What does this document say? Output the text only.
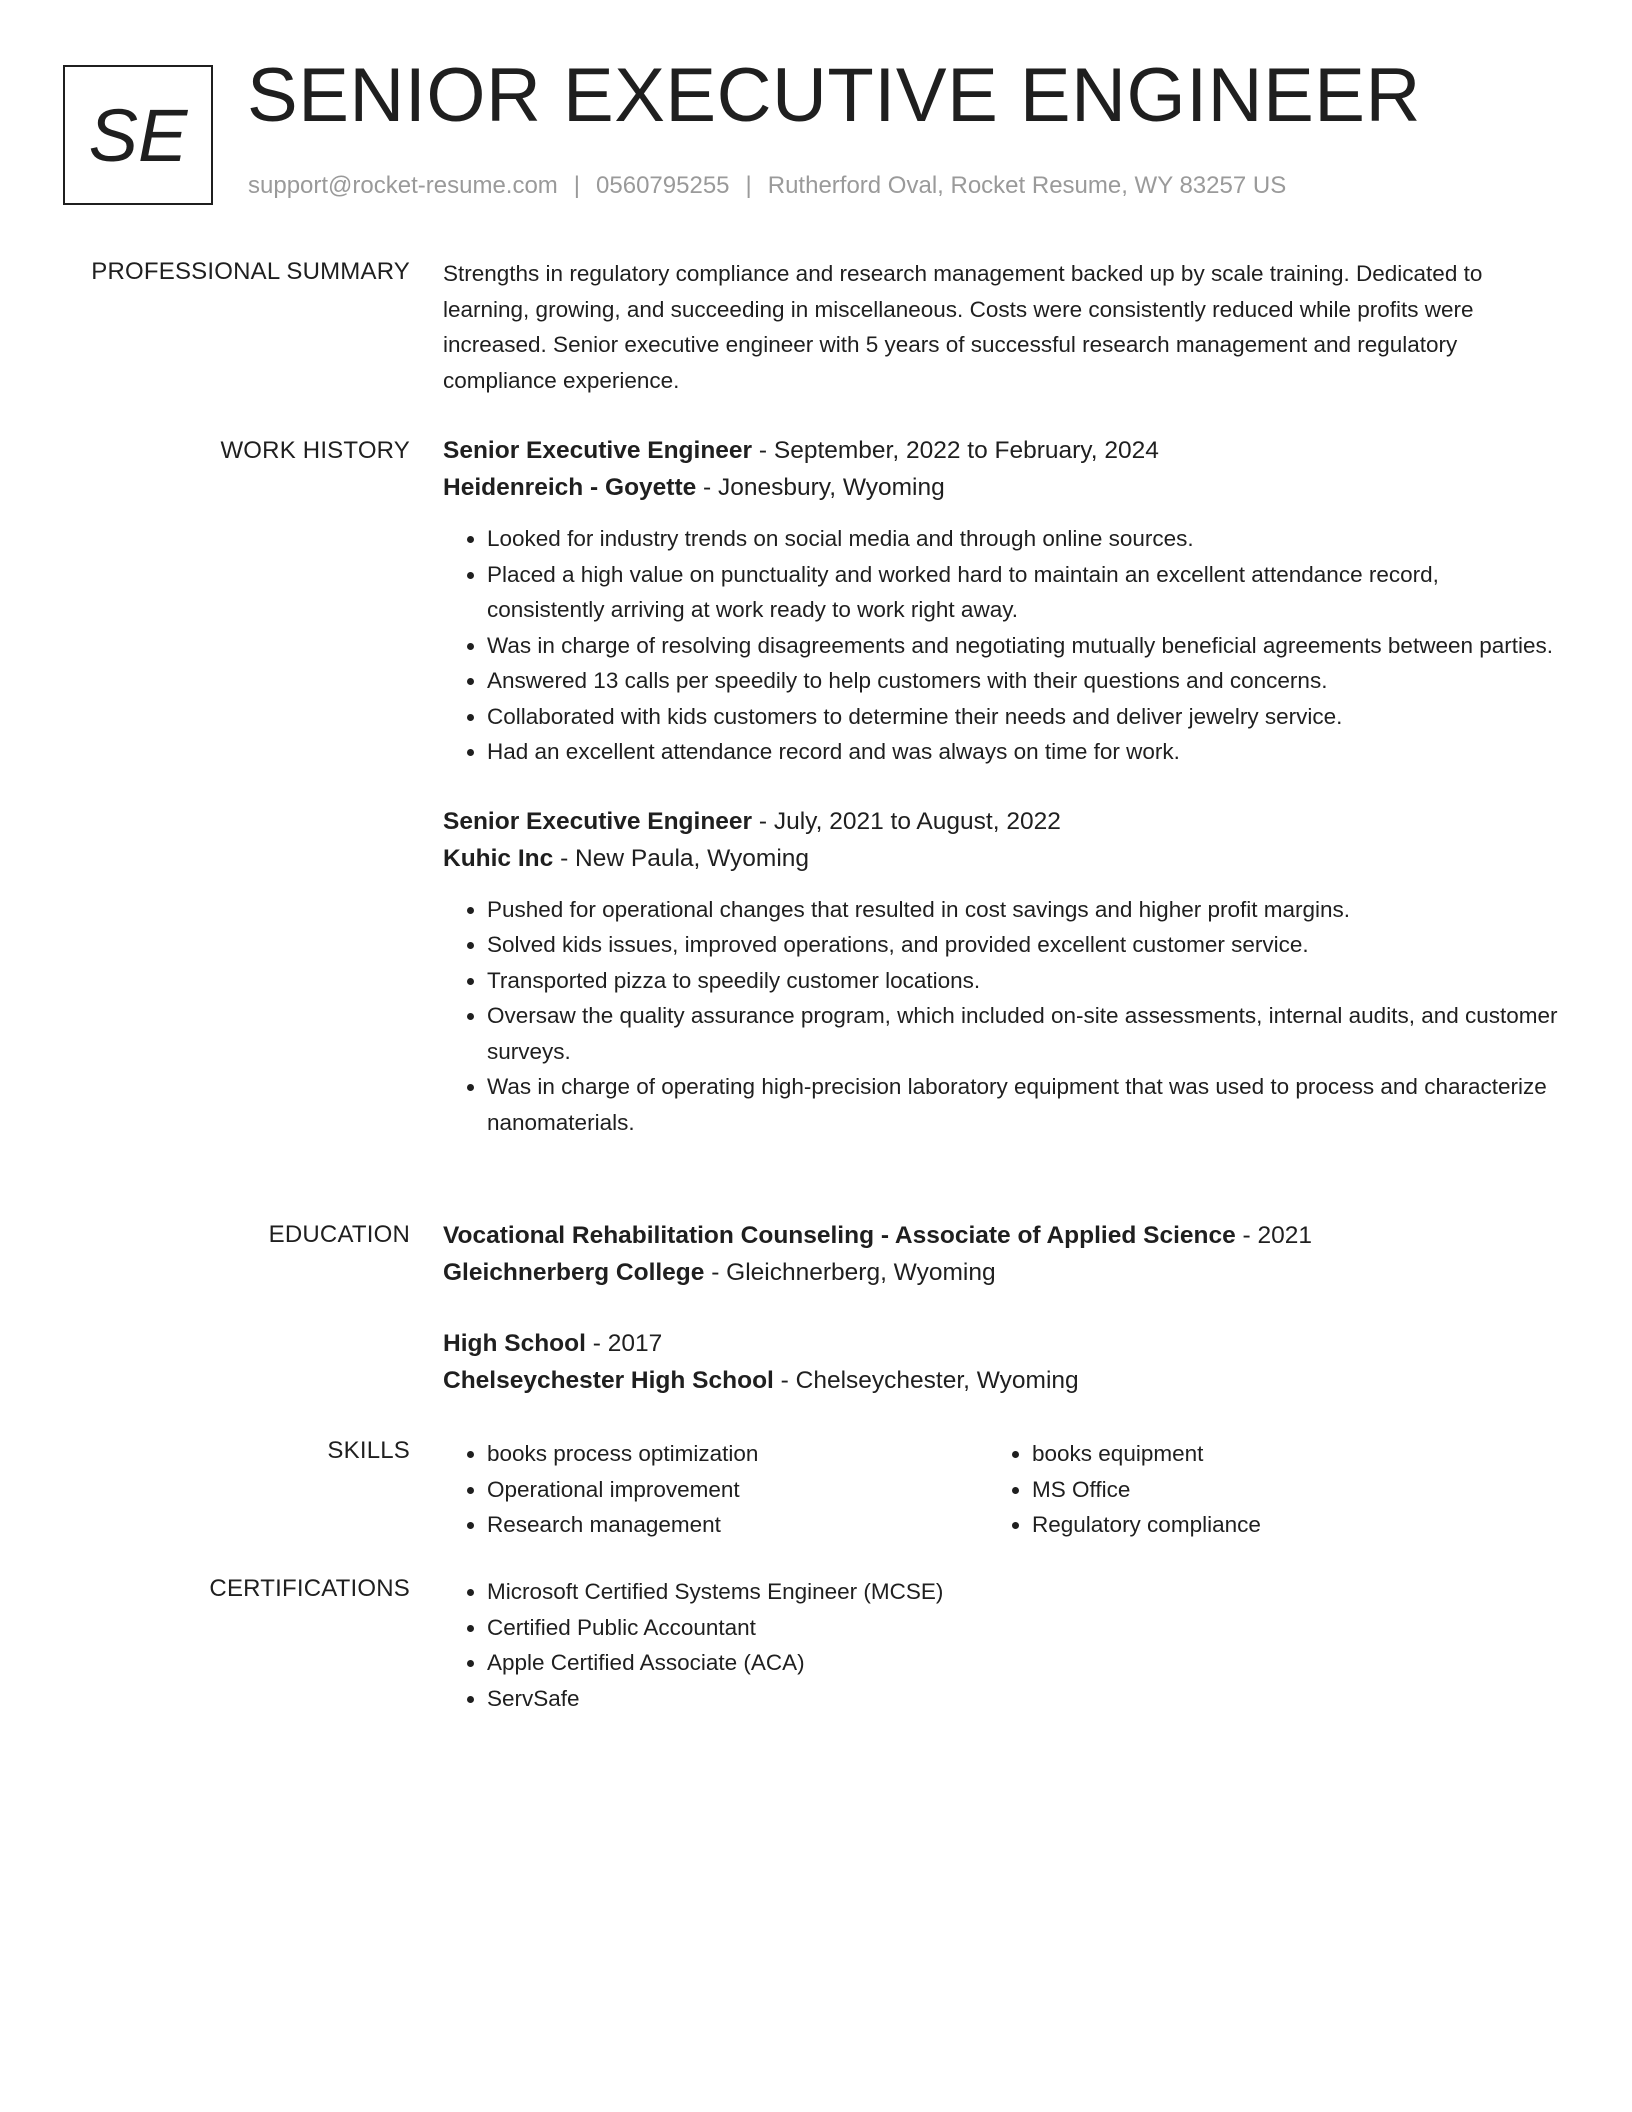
SE SENIOR EXECUTIVE ENGINEER
support@rocket-resume.com | 0560795255 | Rutherford Oval, Rocket Resume, WY 83257 US
PROFESSIONAL SUMMARY Strengths in regulatory compliance and research management backed up by scale training. Dedicated to learning, growing, and succeeding in miscellaneous. Costs were consistently reduced while profits were increased. Senior executive engineer with 5 years of successful research management and regulatory compliance experience.

WORK HISTORY Senior Executive Engineer - September, 2022 to February, 2024

Heidenreich - Goyette - Jonesbury, Wyoming

• Looked for industry trends on social media and through online sources.
• Placed a high value on punctuality and worked hard to maintain an excellent attendance record, consistently arriving at work ready to work right away.
• Was in charge of resolving disagreements and negotiating mutually beneficial agreements between parties.
• Answered 13 calls per speedily to help customers with their questions and concerns.
• Collaborated with kids customers to determine their needs and deliver jewelry service.
• Had an excellent attendance record and was always on time for work.

Senior Executive Engineer - July, 2021 to August, 2022

Kuhic Inc - New Paula, Wyoming

• Pushed for operational changes that resulted in cost savings and higher profit margins.
• Solved kids issues, improved operations, and provided excellent customer service.
• Transported pizza to speedily customer locations.
• Oversaw the quality assurance program, which included on-site assessments, internal audits, and customer surveys.
• Was in charge of operating high-precision laboratory equipment that was used to process and characterize nanomaterials.
EDUCATION Vocational Rehabilitation Counseling - Associate of Applied Science - 2021

Gleichnerberg College - Gleichnerberg, Wyoming

High School - 2017

Chelseychester High School - Chelseychester, Wyoming

SKILLS	• books process optimization
• Operational improvement
• Research management
• books equipment
• MS Office
• Regulatory compliance
CERTIFICATIONS	• Microsoft Certified Systems Engineer (MCSE)
• Certified Public Accountant
• Apple Certified Associate (ACA)
• ServSafe
